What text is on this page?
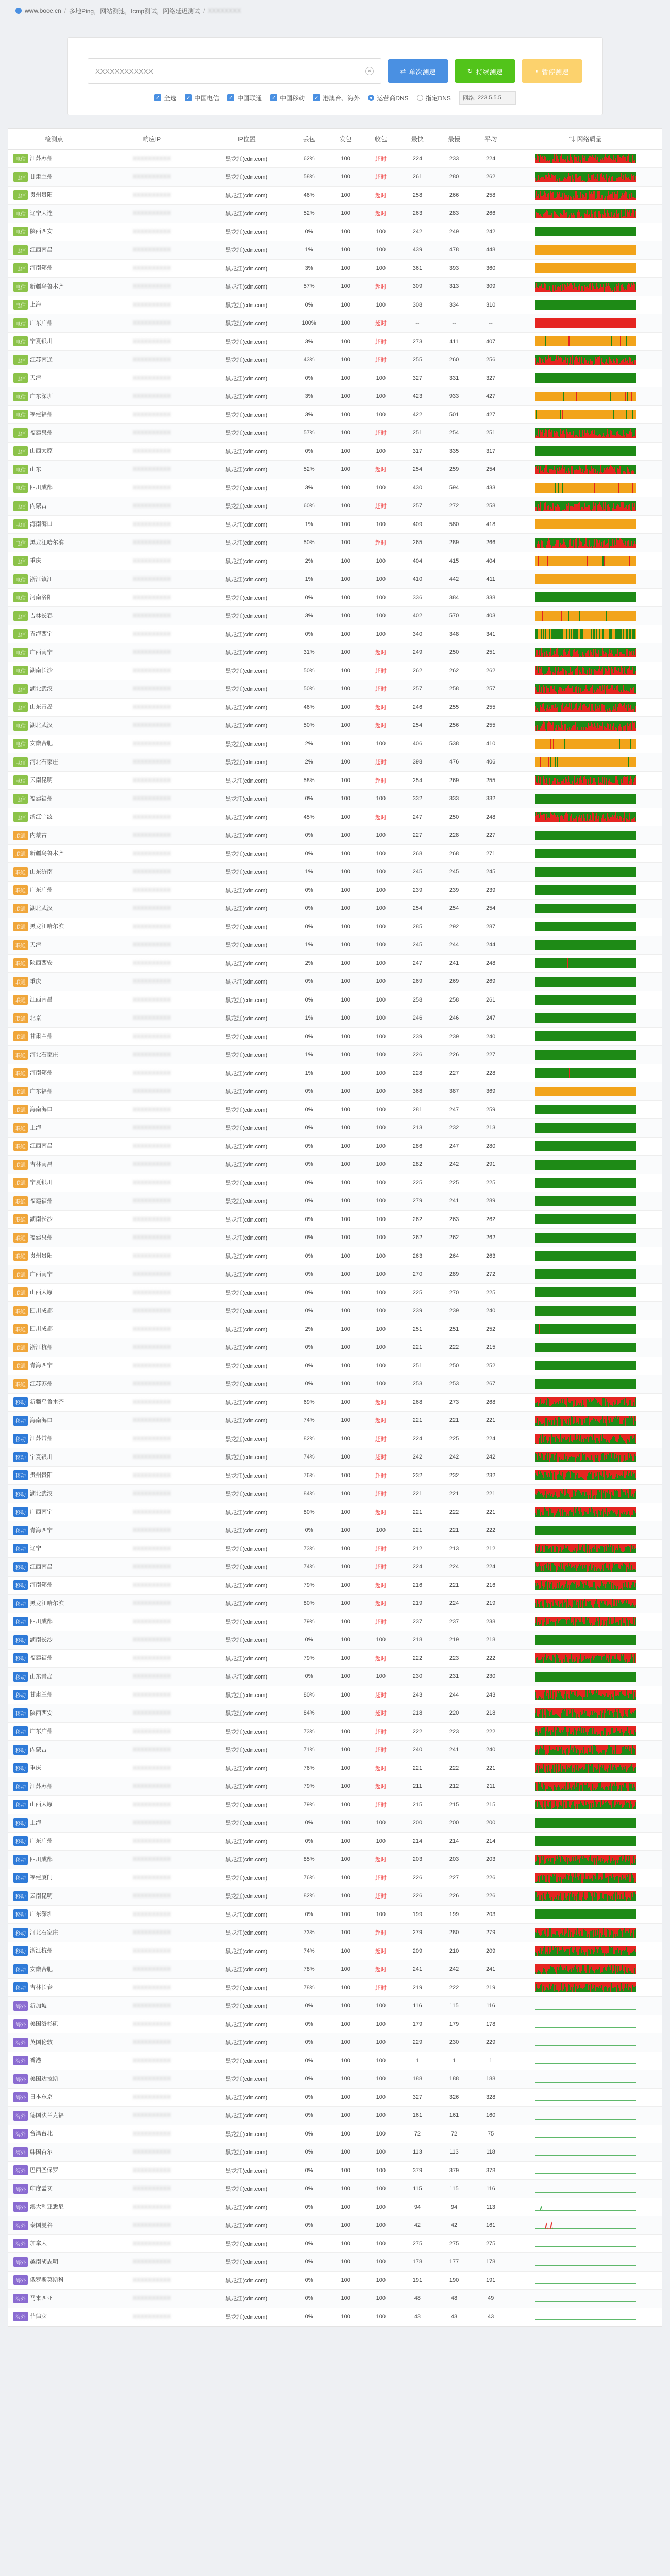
www.boce.cn / 多地Ping，网站测速，Icmp测试，网络延迟测试 / XXXXXXXX
XXXXXXXXXXXX
✕	⇄ 单次测速	↻ 持续测速	⏸ 暂停测速
✓ 全选 ✓ 中国电信 ✓ 中国联通 ✓ 中国移动 ✓ 港澳台、海外	运营商DNS	指定DNS 网络: 223.5.5.5
检测点	响应IP	IP位置	丢包	发包	收包	最快	最慢	平均	⇅ 网络质量
电信 江苏苏州	XXXXXXXXXX	黑龙江(cdn.com)	62%	100	超时	224	233	224	

电信 甘肃兰州	XXXXXXXXXX	黑龙江(cdn.com)	58%	100	超时	261	280	262	

电信 贵州贵阳	XXXXXXXXXX	黑龙江(cdn.com)	46%	100	超时	258	266	258	

电信 辽宁大连	XXXXXXXXXX	黑龙江(cdn.com)	52%	100	超时	263	283	266	

电信 陕西西安	XXXXXXXXXX	黑龙江(cdn.com)	0%	100	100	242	249	242	

电信 江西南昌	XXXXXXXXXX	黑龙江(cdn.com)	1%	100	100	439	478	448	

电信 河南郑州	XXXXXXXXXX	黑龙江(cdn.com)	3%	100	100	361	393	360	

电信 新疆乌鲁木齐	XXXXXXXXXX	黑龙江(cdn.com)	57%	100	超时	309	313	309	

电信 上海	XXXXXXXXXX	黑龙江(cdn.com)	0%	100	100	308	334	310	

电信 广东广州	XXXXXXXXXX	黑龙江(cdn.com)	100%	100	超时	--	--	--	

电信 宁夏银川	XXXXXXXXXX	黑龙江(cdn.com)	3%	100	超时	273	411	407	

电信 江苏南通	XXXXXXXXXX	黑龙江(cdn.com)	43%	100	超时	255	260	256	

电信 天津	XXXXXXXXXX	黑龙江(cdn.com)	0%	100	100	327	331	327	

电信 广东深圳	XXXXXXXXXX	黑龙江(cdn.com)	3%	100	100	423	933	427	

电信 福建福州	XXXXXXXXXX	黑龙江(cdn.com)	3%	100	100	422	501	427	

电信 福建泉州	XXXXXXXXXX	黑龙江(cdn.com)	57%	100	超时	251	254	251	

电信 山西太原	XXXXXXXXXX	黑龙江(cdn.com)	0%	100	100	317	335	317	

电信 山东	XXXXXXXXXX	黑龙江(cdn.com)	52%	100	超时	254	259	254	

电信 四川成都	XXXXXXXXXX	黑龙江(cdn.com)	3%	100	100	430	594	433	

电信 内蒙古	XXXXXXXXXX	黑龙江(cdn.com)	60%	100	超时	257	272	258	

电信 海南海口	XXXXXXXXXX	黑龙江(cdn.com)	1%	100	100	409	580	418	

电信 黑龙江哈尔滨	XXXXXXXXXX	黑龙江(cdn.com)	50%	100	超时	265	289	266	

电信 重庆	XXXXXXXXXX	黑龙江(cdn.com)	2%	100	100	404	415	404	

电信 浙江镇江	XXXXXXXXXX	黑龙江(cdn.com)	1%	100	100	410	442	411	

电信 河南洛阳	XXXXXXXXXX	黑龙江(cdn.com)	0%	100	100	336	384	338	

电信 吉林长春	XXXXXXXXXX	黑龙江(cdn.com)	3%	100	100	402	570	403	

电信 青海西宁	XXXXXXXXXX	黑龙江(cdn.com)	0%	100	100	340	348	341	

电信 广西南宁	XXXXXXXXXX	黑龙江(cdn.com)	31%	100	超时	249	250	251	

电信 湖南长沙	XXXXXXXXXX	黑龙江(cdn.com)	50%	100	超时	262	262	262	

电信 湖北武汉	XXXXXXXXXX	黑龙江(cdn.com)	50%	100	超时	257	258	257	

电信 山东青岛	XXXXXXXXXX	黑龙江(cdn.com)	46%	100	超时	246	255	255	

电信 湖北武汉	XXXXXXXXXX	黑龙江(cdn.com)	50%	100	超时	254	256	255	

电信 安徽合肥	XXXXXXXXXX	黑龙江(cdn.com)	2%	100	100	406	538	410	

电信 河北石家庄	XXXXXXXXXX	黑龙江(cdn.com)	2%	100	超时	398	476	406	

电信 云南昆明	XXXXXXXXXX	黑龙江(cdn.com)	58%	100	超时	254	269	255	

电信 福建福州	XXXXXXXXXX	黑龙江(cdn.com)	0%	100	100	332	333	332	

电信 浙江宁波	XXXXXXXXXX	黑龙江(cdn.com)	45%	100	超时	247	250	248	

联通 内蒙古	XXXXXXXXXX	黑龙江(cdn.com)	0%	100	100	227	228	227	

联通 新疆乌鲁木齐	XXXXXXXXXX	黑龙江(cdn.com)	0%	100	100	268	268	271	

联通 山东济南	XXXXXXXXXX	黑龙江(cdn.com)	1%	100	100	245	245	245	

联通 广东广州	XXXXXXXXXX	黑龙江(cdn.com)	0%	100	100	239	239	239	

联通 湖北武汉	XXXXXXXXXX	黑龙江(cdn.com)	0%	100	100	254	254	254	

联通 黑龙江哈尔滨	XXXXXXXXXX	黑龙江(cdn.com)	0%	100	100	285	292	287	

联通 天津	XXXXXXXXXX	黑龙江(cdn.com)	1%	100	100	245	244	244	

联通 陕西西安	XXXXXXXXXX	黑龙江(cdn.com)	2%	100	100	247	241	248	

联通 重庆	XXXXXXXXXX	黑龙江(cdn.com)	0%	100	100	269	269	269	

联通 江西南昌	XXXXXXXXXX	黑龙江(cdn.com)	0%	100	100	258	258	261	

联通 北京	XXXXXXXXXX	黑龙江(cdn.com)	1%	100	100	246	246	247	

联通 甘肃兰州	XXXXXXXXXX	黑龙江(cdn.com)	0%	100	100	239	239	240	

联通 河北石家庄	XXXXXXXXXX	黑龙江(cdn.com)	1%	100	100	226	226	227	

联通 河南郑州	XXXXXXXXXX	黑龙江(cdn.com)	1%	100	100	228	227	228	

联通 广东福州	XXXXXXXXXX	黑龙江(cdn.com)	0%	100	100	368	387	369	

联通 海南海口	XXXXXXXXXX	黑龙江(cdn.com)	0%	100	100	281	247	259	

联通 上海	XXXXXXXXXX	黑龙江(cdn.com)	0%	100	100	213	232	213	

联通 江西南昌	XXXXXXXXXX	黑龙江(cdn.com)	0%	100	100	286	247	280	

联通 吉林南昌	XXXXXXXXXX	黑龙江(cdn.com)	0%	100	100	282	242	291	

联通 宁夏银川	XXXXXXXXXX	黑龙江(cdn.com)	0%	100	100	225	225	225	

联通 福建福州	XXXXXXXXXX	黑龙江(cdn.com)	0%	100	100	279	241	289	

联通 湖南长沙	XXXXXXXXXX	黑龙江(cdn.com)	0%	100	100	262	263	262	

联通 福建泉州	XXXXXXXXXX	黑龙江(cdn.com)	0%	100	100	262	262	262	

联通 贵州贵阳	XXXXXXXXXX	黑龙江(cdn.com)	0%	100	100	263	264	263	

联通 广西南宁	XXXXXXXXXX	黑龙江(cdn.com)	0%	100	100	270	289	272	

联通 山西太原	XXXXXXXXXX	黑龙江(cdn.com)	0%	100	100	225	270	225	

联通 四川成都	XXXXXXXXXX	黑龙江(cdn.com)	0%	100	100	239	239	240	

联通 四川成都	XXXXXXXXXX	黑龙江(cdn.com)	2%	100	100	251	251	252	

联通 浙江杭州	XXXXXXXXXX	黑龙江(cdn.com)	0%	100	100	221	222	215	

联通 青海西宁	XXXXXXXXXX	黑龙江(cdn.com)	0%	100	100	251	250	252	

联通 江苏苏州	XXXXXXXXXX	黑龙江(cdn.com)	0%	100	100	253	253	267	

移动 新疆乌鲁木齐	XXXXXXXXXX	黑龙江(cdn.com)	69%	100	超时	268	273	268	

移动 海南海口	XXXXXXXXXX	黑龙江(cdn.com)	74%	100	超时	221	221	221	

移动 江苏常州	XXXXXXXXXX	黑龙江(cdn.com)	82%	100	超时	224	225	224	

移动 宁夏银川	XXXXXXXXXX	黑龙江(cdn.com)	74%	100	超时	242	242	242	

移动 贵州贵阳	XXXXXXXXXX	黑龙江(cdn.com)	76%	100	超时	232	232	232	

移动 湖北武汉	XXXXXXXXXX	黑龙江(cdn.com)	84%	100	超时	221	221	221	

移动 广西南宁	XXXXXXXXXX	黑龙江(cdn.com)	80%	100	超时	221	222	221	

移动 青海西宁	XXXXXXXXXX	黑龙江(cdn.com)	0%	100	100	221	221	222	

移动 辽宁	XXXXXXXXXX	黑龙江(cdn.com)	73%	100	超时	212	213	212	

移动 江西南昌	XXXXXXXXXX	黑龙江(cdn.com)	74%	100	超时	224	224	224	

移动 河南郑州	XXXXXXXXXX	黑龙江(cdn.com)	79%	100	超时	216	221	216	

移动 黑龙江哈尔滨	XXXXXXXXXX	黑龙江(cdn.com)	80%	100	超时	219	224	219	

移动 四川成都	XXXXXXXXXX	黑龙江(cdn.com)	79%	100	超时	237	237	238	

移动 湖南长沙	XXXXXXXXXX	黑龙江(cdn.com)	0%	100	100	218	219	218	

移动 福建福州	XXXXXXXXXX	黑龙江(cdn.com)	79%	100	超时	222	223	222	

移动 山东青岛	XXXXXXXXXX	黑龙江(cdn.com)	0%	100	100	230	231	230	

移动 甘肃兰州	XXXXXXXXXX	黑龙江(cdn.com)	80%	100	超时	243	244	243	

移动 陕西西安	XXXXXXXXXX	黑龙江(cdn.com)	84%	100	超时	218	220	218	

移动 广东广州	XXXXXXXXXX	黑龙江(cdn.com)	73%	100	超时	222	223	222	

移动 内蒙古	XXXXXXXXXX	黑龙江(cdn.com)	71%	100	超时	240	241	240	

移动 重庆	XXXXXXXXXX	黑龙江(cdn.com)	76%	100	超时	221	222	221	

移动 江苏苏州	XXXXXXXXXX	黑龙江(cdn.com)	79%	100	超时	211	212	211	

移动 山西太原	XXXXXXXXXX	黑龙江(cdn.com)	79%	100	超时	215	215	215	

移动 上海	XXXXXXXXXX	黑龙江(cdn.com)	0%	100	100	200	200	200	

移动 广东广州	XXXXXXXXXX	黑龙江(cdn.com)	0%	100	100	214	214	214	

移动 四川成都	XXXXXXXXXX	黑龙江(cdn.com)	85%	100	超时	203	203	203	

移动 福建厦门	XXXXXXXXXX	黑龙江(cdn.com)	76%	100	超时	226	227	226	

移动 云南昆明	XXXXXXXXXX	黑龙江(cdn.com)	82%	100	超时	226	226	226	

移动 广东深圳	XXXXXXXXXX	黑龙江(cdn.com)	0%	100	100	199	199	203	

移动 河北石家庄	XXXXXXXXXX	黑龙江(cdn.com)	73%	100	超时	279	280	279	

移动 浙江杭州	XXXXXXXXXX	黑龙江(cdn.com)	74%	100	超时	209	210	209	

移动 安徽合肥	XXXXXXXXXX	黑龙江(cdn.com)	78%	100	超时	241	242	241	

移动 吉林长春	XXXXXXXXXX	黑龙江(cdn.com)	78%	100	超时	219	222	219	

海外 新加坡	XXXXXXXXXX	黑龙江(cdn.com)	0%	100	100	116	115	116	

海外 美国洛杉矶	XXXXXXXXXX	黑龙江(cdn.com)	0%	100	100	179	179	178	

海外 英国伦敦	XXXXXXXXXX	黑龙江(cdn.com)	0%	100	100	229	230	229	

海外 香港	XXXXXXXXXX	黑龙江(cdn.com)	0%	100	100	1	1	1	

海外 美国达拉斯	XXXXXXXXXX	黑龙江(cdn.com)	0%	100	100	188	188	188	

海外 日本东京	XXXXXXXXXX	黑龙江(cdn.com)	0%	100	100	327	326	328	

海外 德国法兰克福	XXXXXXXXXX	黑龙江(cdn.com)	0%	100	100	161	161	160	

海外 台湾台北	XXXXXXXXXX	黑龙江(cdn.com)	0%	100	100	72	72	75	

海外 韩国首尔	XXXXXXXXXX	黑龙江(cdn.com)	0%	100	100	113	113	118	

海外 巴西圣保罗	XXXXXXXXXX	黑龙江(cdn.com)	0%	100	100	379	379	378	

海外 印度孟买	XXXXXXXXXX	黑龙江(cdn.com)	0%	100	100	115	115	116	

海外 澳大利亚悉尼	XXXXXXXXXX	黑龙江(cdn.com)	0%	100	100	94	94	113	

海外 泰国曼谷	XXXXXXXXXX	黑龙江(cdn.com)	0%	100	100	42	42	161	

海外 加拿大	XXXXXXXXXX	黑龙江(cdn.com)	0%	100	100	275	275	275	

海外 越南胡志明	XXXXXXXXXX	黑龙江(cdn.com)	0%	100	100	178	177	178	

海外 俄罗斯莫斯科	XXXXXXXXXX	黑龙江(cdn.com)	0%	100	100	191	190	191	

海外 马来西亚	XXXXXXXXXX	黑龙江(cdn.com)	0%	100	100	48	48	49	

海外 菲律宾	XXXXXXXXXX	黑龙江(cdn.com)	0%	100	100	43	43	43	
